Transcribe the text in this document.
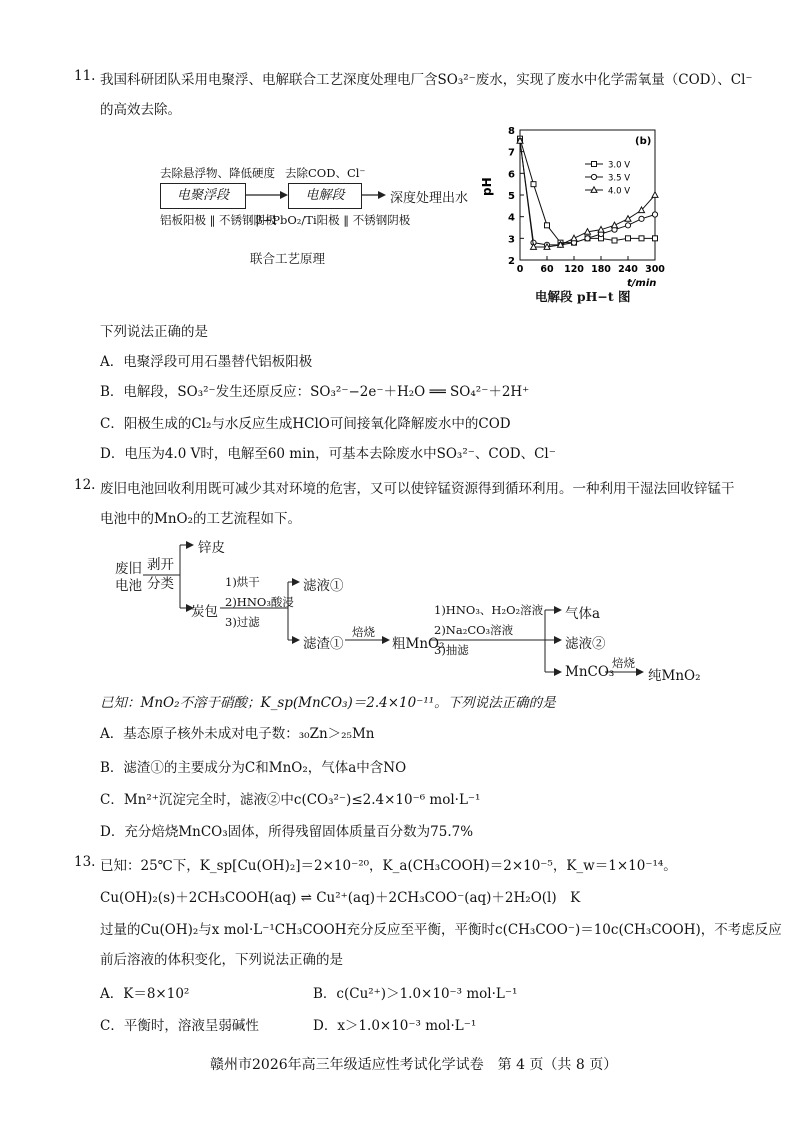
11. 我国科研团队采用电聚浮、电解联合工艺深度处理电厂含SO₃²⁻废水，实现了废水中化学需氧量（COD）、Cl⁻
的高效去除。
去除悬浮物、降低硬度 去除COD、Cl⁻
电聚浮段	电解段	深度处理出水
铝板阳极 ‖ 不锈钢阴极
β−PbO₂/Ti阳极 ‖ 不锈钢阴极
联合工艺原理	2
3
4
5
6
7
8
0 60 120 180 240 300
3.0 V
3.5 V
4.0 V
(b)
pH
t/min
电解段 pH−t 图
下列说法正确的是
A．电聚浮段可用石墨替代铝板阳极
B．电解段，SO₃²⁻发生还原反应：SO₃²⁻−2e⁻＋H₂O ══ SO₄²⁻＋2H⁺
C．阳极生成的Cl₂与水反应生成HClO可间接氧化降解废水中的COD
D．电压为4.0 V时，电解至60 min，可基本去除废水中SO₃²⁻、COD、Cl⁻
12. 废旧电池回收利用既可减少其对环境的危害，又可以使锌锰资源得到循环利用。一种利用干湿法回收锌锰干
电池中的MnO₂的工艺流程如下。
废旧
电池
剥开
分类
锌皮
炭包
1)烘干
2)HNO₃酸浸
3)过滤
滤液①
滤渣①
焙烧
粗MnO₂
1)HNO₃、H₂O₂溶液
2)Na₂CO₃溶液
3)抽滤
气体a
滤液②
MnCO₃
焙烧
纯MnO₂
已知：MnO₂不溶于硝酸；K_sp(MnCO₃)＝2.4×10⁻¹¹。下列说法正确的是
A．基态原子核外未成对电子数：₃₀Zn＞₂₅Mn
B．滤渣①的主要成分为C和MnO₂，气体a中含NO
C．Mn²⁺沉淀完全时，滤液②中c(CO₃²⁻)≤2.4×10⁻⁶ mol·L⁻¹
D．充分焙烧MnCO₃固体，所得残留固体质量百分数为75.7%
13. 已知：25℃下，K_sp[Cu(OH)₂]＝2×10⁻²⁰，K_a(CH₃COOH)＝2×10⁻⁵，K_w＝1×10⁻¹⁴。
Cu(OH)₂(s)＋2CH₃COOH(aq) ⇌ Cu²⁺(aq)＋2CH₃COO⁻(aq)＋2H₂O(l)　K
过量的Cu(OH)₂与x mol·L⁻¹CH₃COOH充分反应至平衡，平衡时c(CH₃COO⁻)＝10c(CH₃COOH)，不考虑反应
前后溶液的体积变化，下列说法正确的是
A．K＝8×10²	B．c(Cu²⁺)＞1.0×10⁻³ mol·L⁻¹
C．平衡时，溶液呈弱碱性	D．x＞1.0×10⁻³ mol·L⁻¹
赣州市2026年高三年级适应性考试化学试卷　第 4 页（共 8 页）
